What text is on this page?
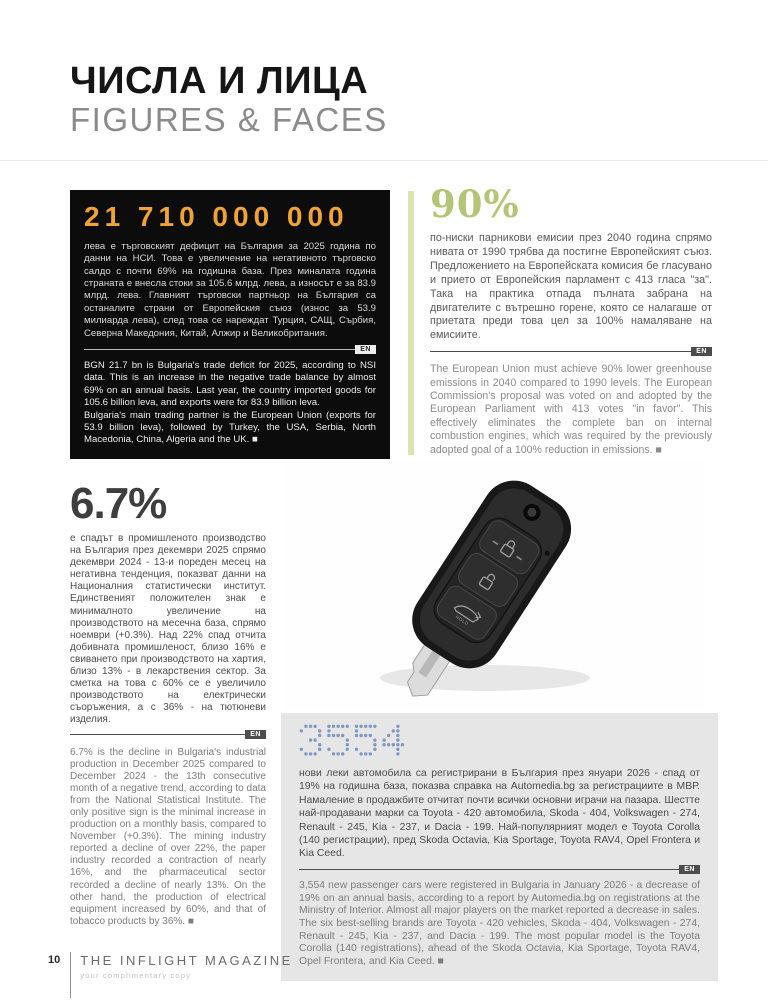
ЧИСЛА И ЛИЦА
FIGURES & FACES
21 710 000 000
лева е търговският дефицит на България за 2025 година по данни на НСИ. Това е увеличение на негативното търговско салдо с почти 69% на годишна база. През миналата година страната е внесла стоки за 105.6 млрд. лева, а износът е за 83.9 млрд. лева. Главният търговски партньор на България са останалите страни от Европейския съюз (износ за 53.9 милиарда лева), след това се нареждат Турция, САЩ, Сърбия, Северна Македония, Китай, Алжир и Великобритания.
EN
BGN 21.7 bn is Bulgaria's trade deficit for 2025, according to NSI data. This is an increase in the negative trade balance by almost 69% on an annual basis. Last year, the country imported goods for 105.6 billion leva, and exports were for 83.9 billion leva.
Bulgaria's main trading partner is the European Union (exports for 53.9 billion leva), followed by Turkey, the USA, Serbia, North Macedonia, China, Algeria and the UK. ■
90%
по-ниски парникови емисии през 2040 година спрямо нивата от 1990 трябва да постигне Европейският съюз. Предложението на Европейската комисия бе гласувано и прието от Европейския парламент с 413 гласа "за". Така на практика отпада пълната забрана на двигателите с вътрешно горене, която се налагаше от приетата преди това цел за 100% намаляване на емисиите.
EN
The European Union must achieve 90% lower greenhouse emissions in 2040 compared to 1990 levels. The European Commission's proposal was voted on and adopted by the European Parliament with 413 votes "in favor". This effectively eliminates the complete ban on internal combustion engines, which was required by the previously adopted goal of a 100% reduction in emissions. ■
6.7%
е спадът в промишленото производство на България през декември 2025 спрямо декември 2024 - 13-и пореден месец на негативна тенденция, показват данни на Националния статистически институт. Единственият положителен знак е минималното увеличение на производството на месечна база, спрямо ноември (+0.3%). Над 22% спад отчита добивната промишленост, близо 16% е свиването при производството на хартия, близо 13% - в лекарствения сектор. За сметка на това с 60% се е увеличило производството на електрически съоръжения, а с 36% - на тютюневи изделия.
EN
6.7% is the decline in Bulgaria's industrial production in December 2025 compared to December 2024 - the 13th consecutive month of a negative trend, according to data from the National Statistical Institute. The only positive sign is the minimal increase in production on a monthly basis, compared to November (+0.3%). The mining industry reported a decline of over 22%, the paper industry recorded a contraction of nearly 16%, and the pharmaceutical sector recorded a decline of nearly 13%. On the other hand, the production of electrical equipment increased by 60%, and that of tobacco products by 36%. ■
HOLD
нови леки автомобила са регистрирани в България през януари 2026 - спад от 19% на годишна база, показва справка на Automedia.bg за регистрациите в МВР. Намаление в продажбите отчитат почти всички основни играчи на пазара. Шестте най-продавани марки са Toyota - 420 автомобила, Skoda - 404, Volkswagen - 274, Renault - 245, Kia - 237, и Dacia - 199. Най-популярният модел е Toyota Corolla (140 регистрации), пред Skoda Octavia, Kia Sportage, Toyota RAV4, Opel Frontera и Kia Ceed.
EN
3,554 new passenger cars were registered in Bulgaria in January 2026 - a decrease of 19% on an annual basis, according to a report by Automedia.bg on registrations at the Ministry of Interior. Almost all major players on the market reported a decrease in sales. The six best-selling brands are Toyota - 420 vehicles, Skoda - 404, Volkswagen - 274, Renault - 245, Kia - 237, and Dacia - 199. The most popular model is the Toyota Corolla (140 registrations), ahead of the Skoda Octavia, Kia Sportage, Toyota RAV4, Opel Frontera, and Kia Ceed. ■
10 THE INFLIGHT MAGAZINE
your complimentary copy
